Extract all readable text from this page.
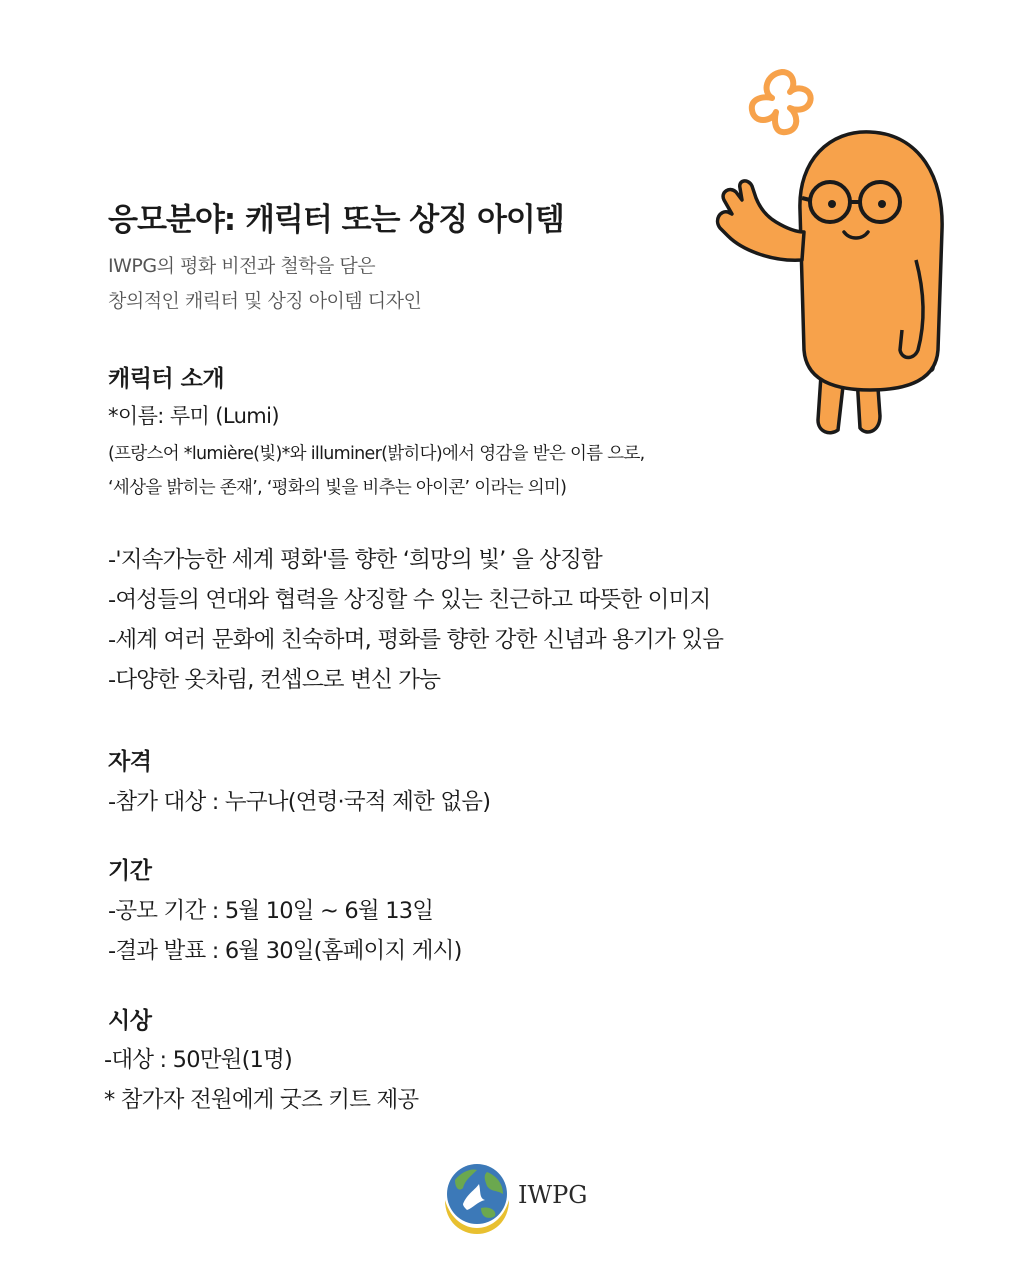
응모분야: 캐릭터 또는 상징 아이템
IWPG의 평화 비전과 철학을 담은
창의적인 캐릭터 및 상징 아이템 디자인
캐릭터 소개
*이름: 루미 (Lumi)
(프랑스어 *lumière(빛)*와 illuminer(밝히다)에서 영감을 받은 이름 으로,
‘세상을 밝히는 존재’, ‘평화의 빛을 비추는 아이콘’ 이라는 의미)
-'지속가능한 세계 평화'를 향한 ‘희망의 빛’ 을 상징함
-여성들의 연대와 협력을 상징할 수 있는 친근하고 따뜻한 이미지
-세계 여러 문화에 친숙하며, 평화를 향한 강한 신념과 용기가 있음
-다양한 옷차림, 컨셉으로 변신 가능
자격
-참가 대상 : 누구나(연령·국적 제한 없음)
기간
-공모 기간 : 5월 10일 ~ 6월 13일
-결과 발표 : 6월 30일(홈페이지 게시)
시상
-대상 : 50만원(1명)
* 참가자 전원에게 굿즈 키트 제공
IWPG
